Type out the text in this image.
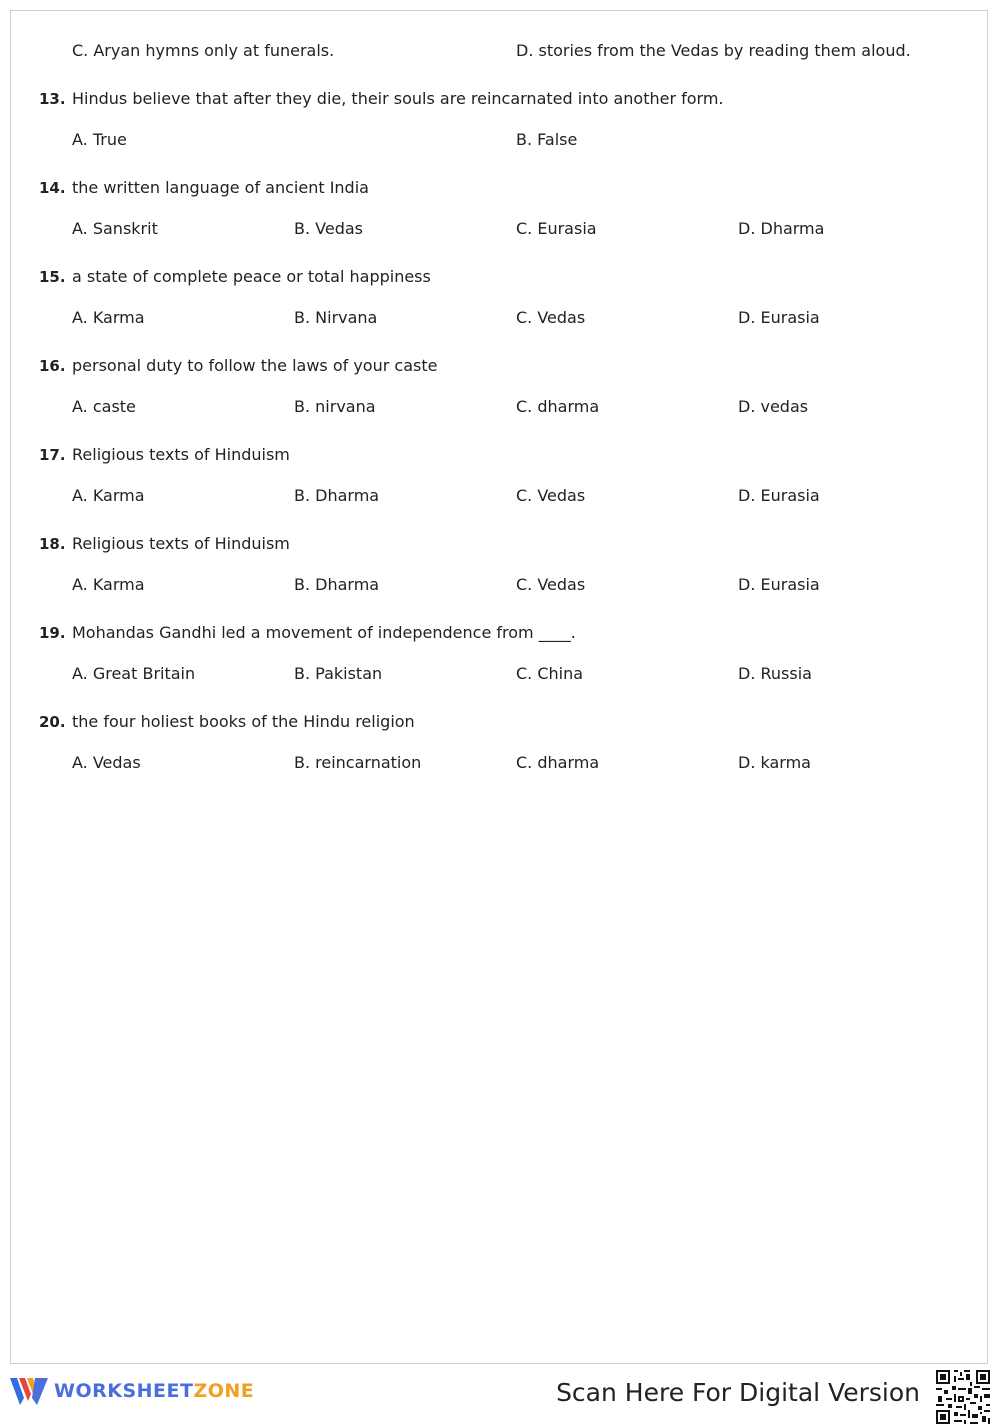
C. Aryan hymns only at funerals.	D. stories from the Vedas by reading them aloud.
13. Hindus believe that after they die, their souls are reincarnated into another form.
A. True	B. False
14. the written language of ancient India
A. Sanskrit	B. Vedas	C. Eurasia	D. Dharma
15. a state of complete peace or total happiness
A. Karma	B. Nirvana	C. Vedas	D. Eurasia
16. personal duty to follow the laws of your caste
A. caste	B. nirvana	C. dharma	D. vedas
17. Religious texts of Hinduism
A. Karma	B. Dharma	C. Vedas	D. Eurasia
18. Religious texts of Hinduism
A. Karma	B. Dharma	C. Vedas	D. Eurasia
19. Mohandas Gandhi led a movement of independence from ____.
A. Great Britain	B. Pakistan	C. China	D. Russia
20. the four holiest books of the Hindu religion
A. Vedas	B. reincarnation	C. dharma	D. karma
WORKSHEETZONE	Scan Here For Digital Version
